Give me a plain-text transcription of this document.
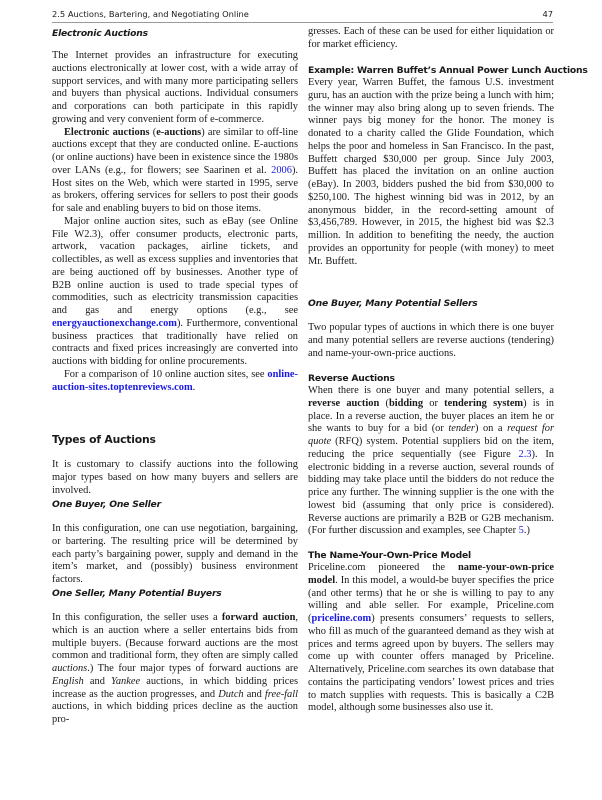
2.5 Auctions, Bartering, and Negotiating Online	47
Electronic Auctions

The Internet provides an infrastructure for executing auctions electronically at lower cost, with a wide array of support services, and with many more participating sellers and buyers than physical auctions. Individual consumers and corporations can both participate in this rapidly growing and very convenient form of e-commerce.

Electronic auctions (e-auctions) are similar to off-line auctions except that they are conducted online. E-auctions (or online auctions) have been in existence since the 1980s over LANs (e.g., for flowers; see Saarinen et al. 2006). Host sites on the Web, which were started in 1995, serve as brokers, offering services for sellers to post their goods for sale and enabling buyers to bid on those items.

Major online auction sites, such as eBay (see Online File W2.3), offer consumer products, electronic parts, artwork, vacation packages, airline tickets, and collectibles, as well as excess supplies and inventories that are being auctioned off by businesses. Another type of B2B online auction is used to trade special types of commodities, such as electricity transmission capacities and gas and energy options (e.g., see energyauctionexchange.com). Furthermore, conventional business practices that traditionally have relied on contracts and fixed prices increasingly are converted into auctions with bidding for online procurements.

For a comparison of 10 online auction sites, see online-auction-sites.toptenreviews.com.

Types of Auctions

It is customary to classify auctions into the following major types based on how many buyers and sellers are involved.

One Buyer, One Seller

In this configuration, one can use negotiation, bargaining, or bartering. The resulting price will be determined by each party’s bargaining power, supply and demand in the item’s market, and (possibly) business environment factors.

One Seller, Many Potential Buyers

In this configuration, the seller uses a forward auction, which is an auction where a seller entertains bids from multiple buyers. (Because forward auctions are the most common and traditional form, they often are simply called auctions.) The four major types of forward auctions are English and Yankee auctions, in which bidding prices increase as the auction progresses, and Dutch and free-fall auctions, in which bidding prices decline as the auction pro-

gresses. Each of these can be used for either liquidation or for market efficiency.

Example: Warren Buffet’s Annual Power Lunch Auctions

Every year, Warren Buffet, the famous U.S. investment guru, has an auction with the prize being a lunch with him; the winner may also bring along up to seven friends. The winner pays big money for the honor. The money is donated to a charity called the Glide Foundation, which helps the poor and homeless in San Francisco. In the past, Buffett charged $30,000 per group. Since July 2003, Buffett has placed the invitation on an online auction (eBay). In 2003, bidders pushed the bid from $30,000 to $250,100. The highest winning bid was in 2012, by an anonymous bidder, in the record-setting amount of $3,456,789. However, in 2015, the highest bid was $2.3 million. In addition to benefiting the needy, the auction provides an opportunity for people (with money) to meet Mr. Buffett.

One Buyer, Many Potential Sellers

Two popular types of auctions in which there is one buyer and many potential sellers are reverse auctions (tendering) and name-your-own-price auctions.

Reverse Auctions

When there is one buyer and many potential sellers, a reverse auction (bidding or tendering system) is in place. In a reverse auction, the buyer places an item he or she wants to buy for a bid (or tender) on a request for quote (RFQ) system. Potential suppliers bid on the item, reducing the price sequentially (see Figure 2.3). In electronic bidding in a reverse auction, several rounds of bidding may take place until the bidders do not reduce the price any further. The winning supplier is the one with the lowest bid (assuming that only price is considered). Reverse auctions are primarily a B2B or G2B mechanism. (For further discussion and examples, see Chapter 5.)

The Name-Your-Own-Price Model

Priceline.com pioneered the name-your-own-price model. In this model, a would-be buyer specifies the price (and other terms) that he or she is willing to pay to any willing and able seller. For example, Priceline.com (priceline.com) presents consumers’ requests to sellers, who fill as much of the guaranteed demand as they wish at prices and terms agreed upon by buyers. The sellers may come up with counter offers managed by Priceline. Alternatively, Priceline.com searches its own database that contains the participating vendors’ lowest prices and tries to match supplies with requests. This is basically a C2B model, although some businesses also use it.
